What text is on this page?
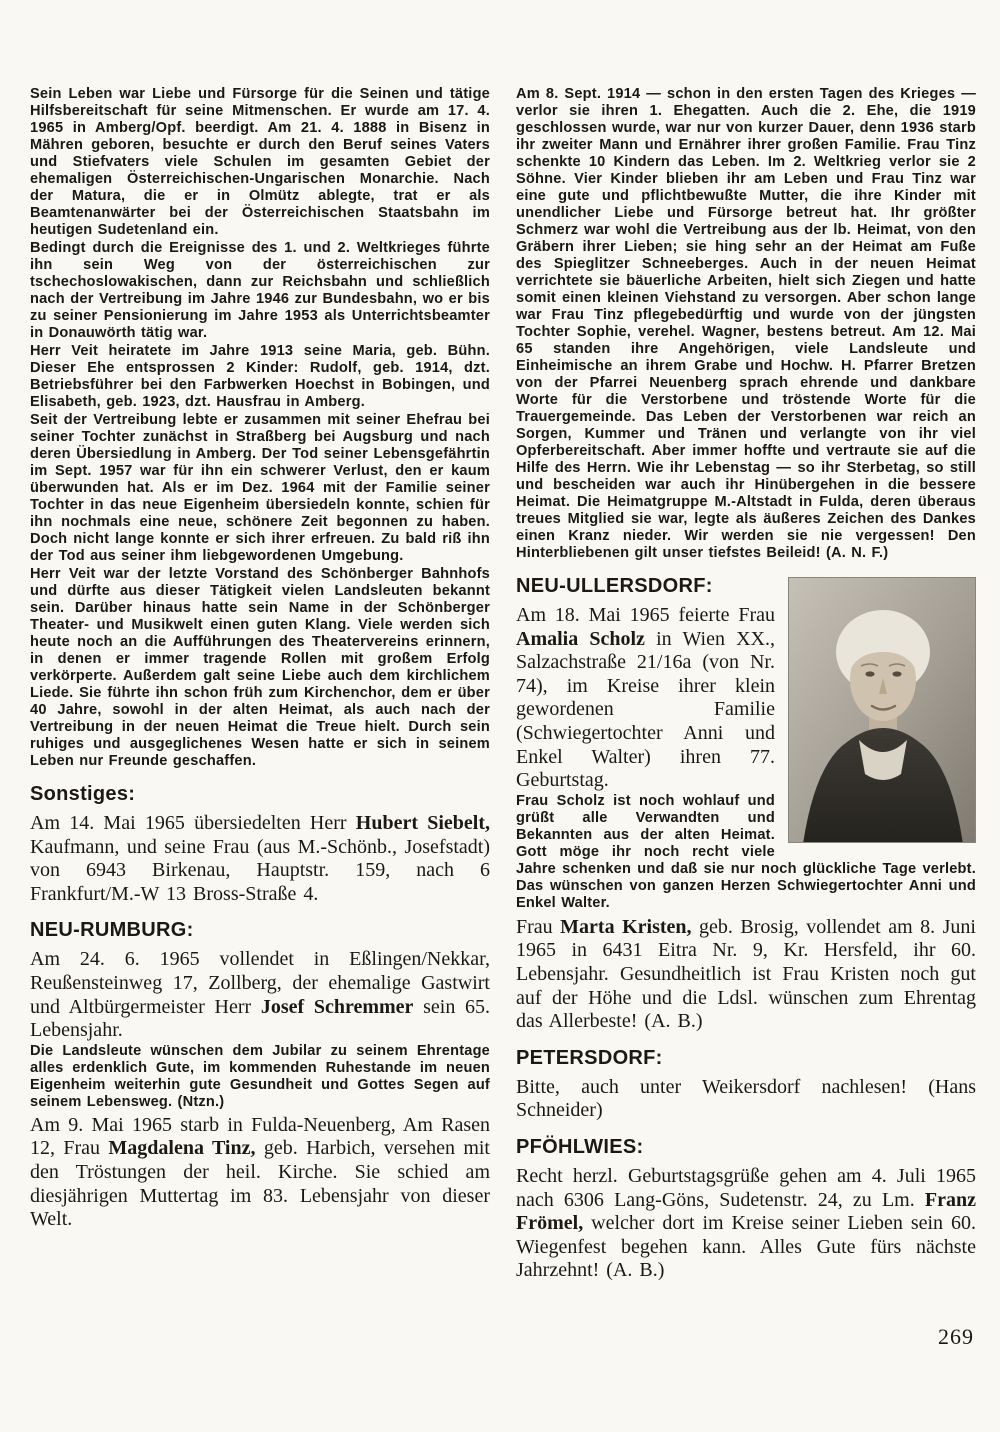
Sein Leben war Liebe und Fürsorge für die Seinen und tätige Hilfsbereitschaft für seine Mitmenschen. Er wurde am 17. 4. 1965 in Amberg/Opf. beerdigt. Am 21. 4. 1888 in Bisenz in Mähren geboren, besuchte er durch den Beruf seines Vaters und Stiefvaters viele Schulen im gesamten Gebiet der ehemaligen Österreichischen-Ungarischen Monarchie. Nach der Matura, die er in Olmütz ablegte, trat er als Beamtenanwärter bei der Österreichischen Staatsbahn im heutigen Sudetenland ein.

Bedingt durch die Ereignisse des 1. und 2. Weltkrieges führte ihn sein Weg von der österreichischen zur tschechoslowakischen, dann zur Reichsbahn und schließlich nach der Vertreibung im Jahre 1946 zur Bundesbahn, wo er bis zu seiner Pensionierung im Jahre 1953 als Unterrichtsbeamter in Donauwörth tätig war.

Herr Veit heiratete im Jahre 1913 seine Maria, geb. Bühn. Dieser Ehe entsprossen 2 Kinder: Rudolf, geb. 1914, dzt. Betriebsführer bei den Farbwerken Hoechst in Bobingen, und Elisabeth, geb. 1923, dzt. Hausfrau in Amberg.

Seit der Vertreibung lebte er zusammen mit seiner Ehefrau bei seiner Tochter zunächst in Straßberg bei Augsburg und nach deren Übersiedlung in Amberg. Der Tod seiner Lebensgefährtin im Sept. 1957 war für ihn ein schwerer Verlust, den er kaum überwunden hat. Als er im Dez. 1964 mit der Familie seiner Tochter in das neue Eigenheim übersiedeln konnte, schien für ihn nochmals eine neue, schönere Zeit begonnen zu haben. Doch nicht lange konnte er sich ihrer erfreuen. Zu bald riß ihn der Tod aus seiner ihm liebgewordenen Umgebung.

Herr Veit war der letzte Vorstand des Schönberger Bahnhofs und dürfte aus dieser Tätigkeit vielen Landsleuten bekannt sein. Darüber hinaus hatte sein Name in der Schönberger Theater- und Musikwelt einen guten Klang. Viele werden sich heute noch an die Aufführungen des Theatervereins erinnern, in denen er immer tragende Rollen mit großem Erfolg verkörperte. Außerdem galt seine Liebe auch dem kirchlichem Liede. Sie führte ihn schon früh zum Kirchenchor, dem er über 40 Jahre, sowohl in der alten Heimat, als auch nach der Vertreibung in der neuen Heimat die Treue hielt. Durch sein ruhiges und ausgeglichenes Wesen hatte er sich in seinem Leben nur Freunde geschaffen.

Sonstiges:

Am 14. Mai 1965 übersiedelten Herr Hubert Siebelt, Kaufmann, und seine Frau (aus M.-Schönb., Josefstadt) von 6943 Birkenau, Hauptstr. 159, nach 6 Frankfurt/M.-W 13 Bross-Straße 4.

NEU-RUMBURG:

Am 24. 6. 1965 vollendet in Eßlingen/Nekkar, Reußensteinweg 17, Zollberg, der ehemalige Gastwirt und Altbürgermeister Herr Josef Schremmer sein 65. Lebensjahr.

Die Landsleute wünschen dem Jubilar zu seinem Ehrentage alles erdenklich Gute, im kommenden Ruhestande im neuen Eigenheim weiterhin gute Gesundheit und Gottes Segen auf seinem Lebensweg. (Ntzn.)

Am 9. Mai 1965 starb in Fulda-Neuenberg, Am Rasen 12, Frau Magdalena Tinz, geb. Harbich, versehen mit den Tröstungen der heil. Kirche. Sie schied am diesjährigen Muttertag im 83. Lebensjahr von dieser Welt.

Am 8. Sept. 1914 — schon in den ersten Tagen des Krieges — verlor sie ihren 1. Ehegatten. Auch die 2. Ehe, die 1919 geschlossen wurde, war nur von kurzer Dauer, denn 1936 starb ihr zweiter Mann und Ernährer ihrer großen Familie. Frau Tinz schenkte 10 Kindern das Leben. Im 2. Weltkrieg verlor sie 2 Söhne. Vier Kinder blieben ihr am Leben und Frau Tinz war eine gute und pflichtbewußte Mutter, die ihre Kinder mit unendlicher Liebe und Fürsorge betreut hat. Ihr größter Schmerz war wohl die Vertreibung aus der lb. Heimat, von den Gräbern ihrer Lieben; sie hing sehr an der Heimat am Fuße des Spieglitzer Schneeberges. Auch in der neuen Heimat verrichtete sie bäuerliche Arbeiten, hielt sich Ziegen und hatte somit einen kleinen Viehstand zu versorgen. Aber schon lange war Frau Tinz pflegebedürftig und wurde von der jüngsten Tochter Sophie, verehel. Wagner, bestens betreut. Am 12. Mai 65 standen ihre Angehörigen, viele Landsleute und Einheimische an ihrem Grabe und Hochw. H. Pfarrer Bretzen von der Pfarrei Neuenberg sprach ehrende und dankbare Worte für die Verstorbene und tröstende Worte für die Trauergemeinde. Das Leben der Verstorbenen war reich an Sorgen, Kummer und Tränen und verlangte von ihr viel Opferbereitschaft. Aber immer hoffte und vertraute sie auf die Hilfe des Herrn. Wie ihr Lebenstag — so ihr Sterbetag, so still und bescheiden war auch ihr Hinübergehen in die bessere Heimat. Die Heimatgruppe M.-Altstadt in Fulda, deren überaus treues Mitglied sie war, legte als äußeres Zeichen des Dankes einen Kranz nieder. Wir werden sie nie vergessen! Den Hinterbliebenen gilt unser tiefstes Beileid! (A. N. F.)

NEU-ULLERSDORF:

Am 18. Mai 1965 feierte Frau Amalia Scholz in Wien XX., Salzachstraße 21/16a (von Nr. 74), im Kreise ihrer klein gewordenen Familie (Schwiegertochter Anni und Enkel Walter) ihren 77. Geburtstag.

Frau Scholz ist noch wohlauf und grüßt alle Verwandten und Bekannten aus der alten Heimat. Gott möge ihr noch recht viele Jahre schenken und daß sie nur noch glückliche Tage verlebt. Das wünschen von ganzen Herzen Schwiegertochter Anni und Enkel Walter.

Frau Marta Kristen, geb. Brosig, vollendet am 8. Juni 1965 in 6431 Eitra Nr. 9, Kr. Hersfeld, ihr 60. Lebensjahr. Gesundheitlich ist Frau Kristen noch gut auf der Höhe und die Ldsl. wünschen zum Ehrentag das Allerbeste! (A. B.)

PETERSDORF:

Bitte, auch unter Weikersdorf nachlesen! (Hans Schneider)

PFÖHLWIES:

Recht herzl. Geburtstagsgrüße gehen am 4. Juli 1965 nach 6306 Lang-Göns, Sudetenstr. 24, zu Lm. Franz Frömel, welcher dort im Kreise seiner Lieben sein 60. Wiegenfest begehen kann. Alles Gute fürs nächste Jahrzehnt! (A. B.)

269
